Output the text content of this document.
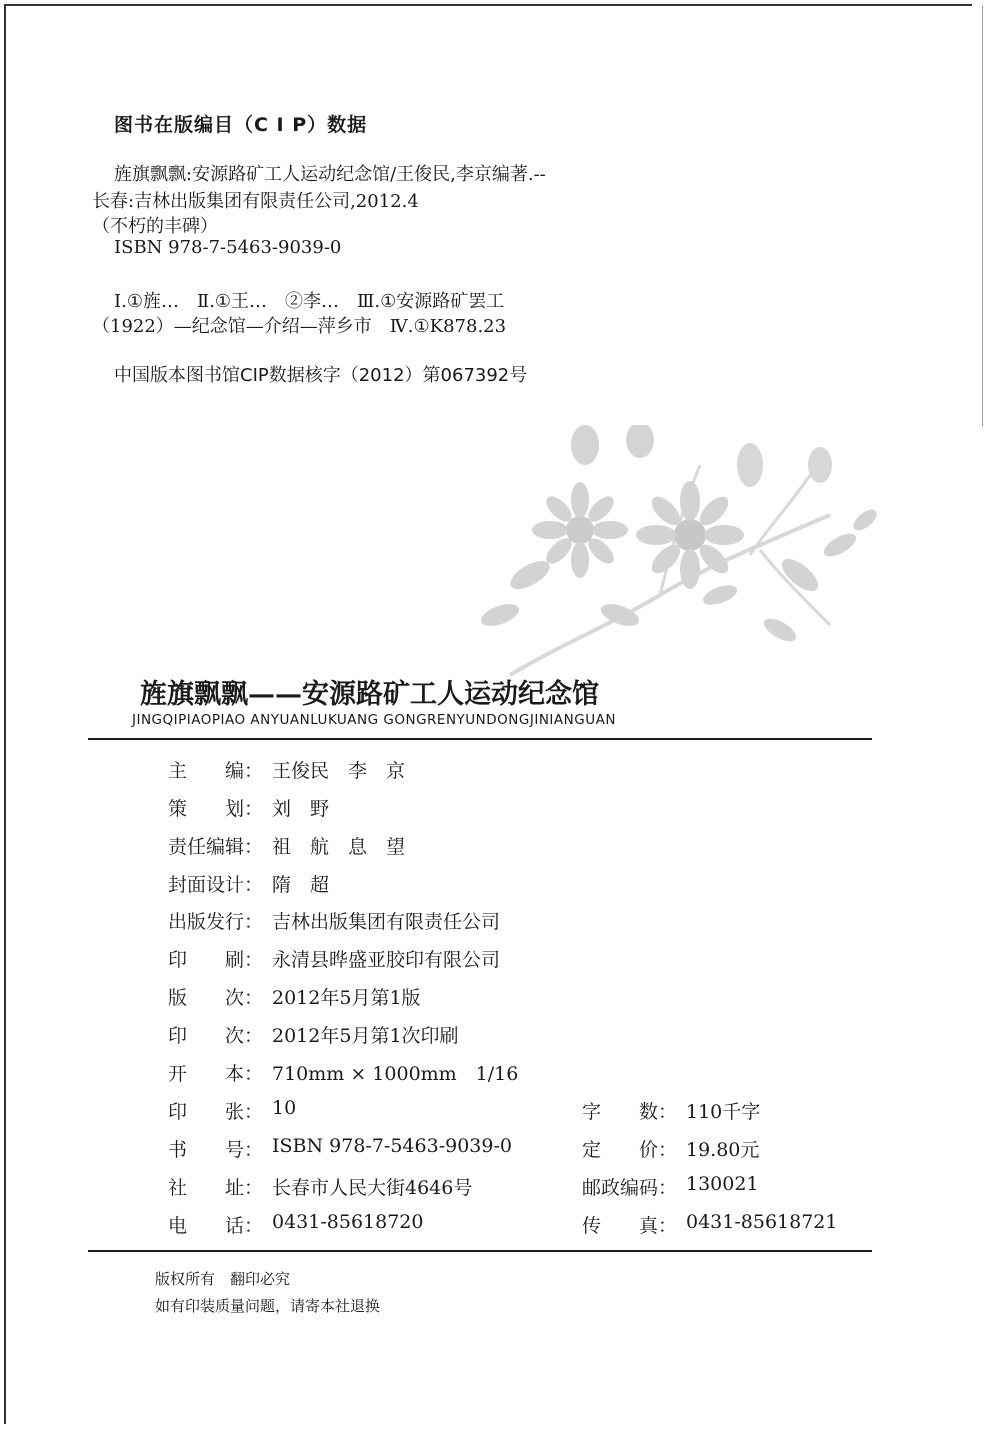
图书在版编目（C I P）数据
旌旗飘飘:安源路矿工人运动纪念馆/王俊民,李京编著.--
长春:吉林出版集团有限责任公司,2012.4
（不朽的丰碑）
ISBN 978-7-5463-9039-0
Ⅰ.①旌…　Ⅱ.①王…　②李…　Ⅲ.①安源路矿罢工
（1922）—纪念馆—介绍—萍乡市　Ⅳ.①K878.23
中国版本图书馆CIP数据核字（2012）第067392号
旌旗飘飘——安源路矿工人运动纪念馆
JINGQIPIAOPIAO ANYUANLUKUANG GONGRENYUNDONGJINIANGUAN
主　　编： 王俊民　李　京
策　　划： 刘　野
责任编辑： 祖　航　息　望
封面设计： 隋　超
出版发行： 吉林出版集团有限责任公司
印　　刷： 永清县晔盛亚胶印有限公司
版　　次： 2012年5月第1版
印　　次： 2012年5月第1次印刷
开　　本： 710mm × 1000mm　1/16
印　　张： 10	字　　数： 110千字
书　　号： ISBN 978-7-5463-9039-0	定　　价： 19.80元
社　　址： 长春市人民大街4646号	邮政编码： 130021
电　　话： 0431-85618720	传　　真： 0431-85618721
版权所有　翻印必究
如有印装质量问题，请寄本社退换
